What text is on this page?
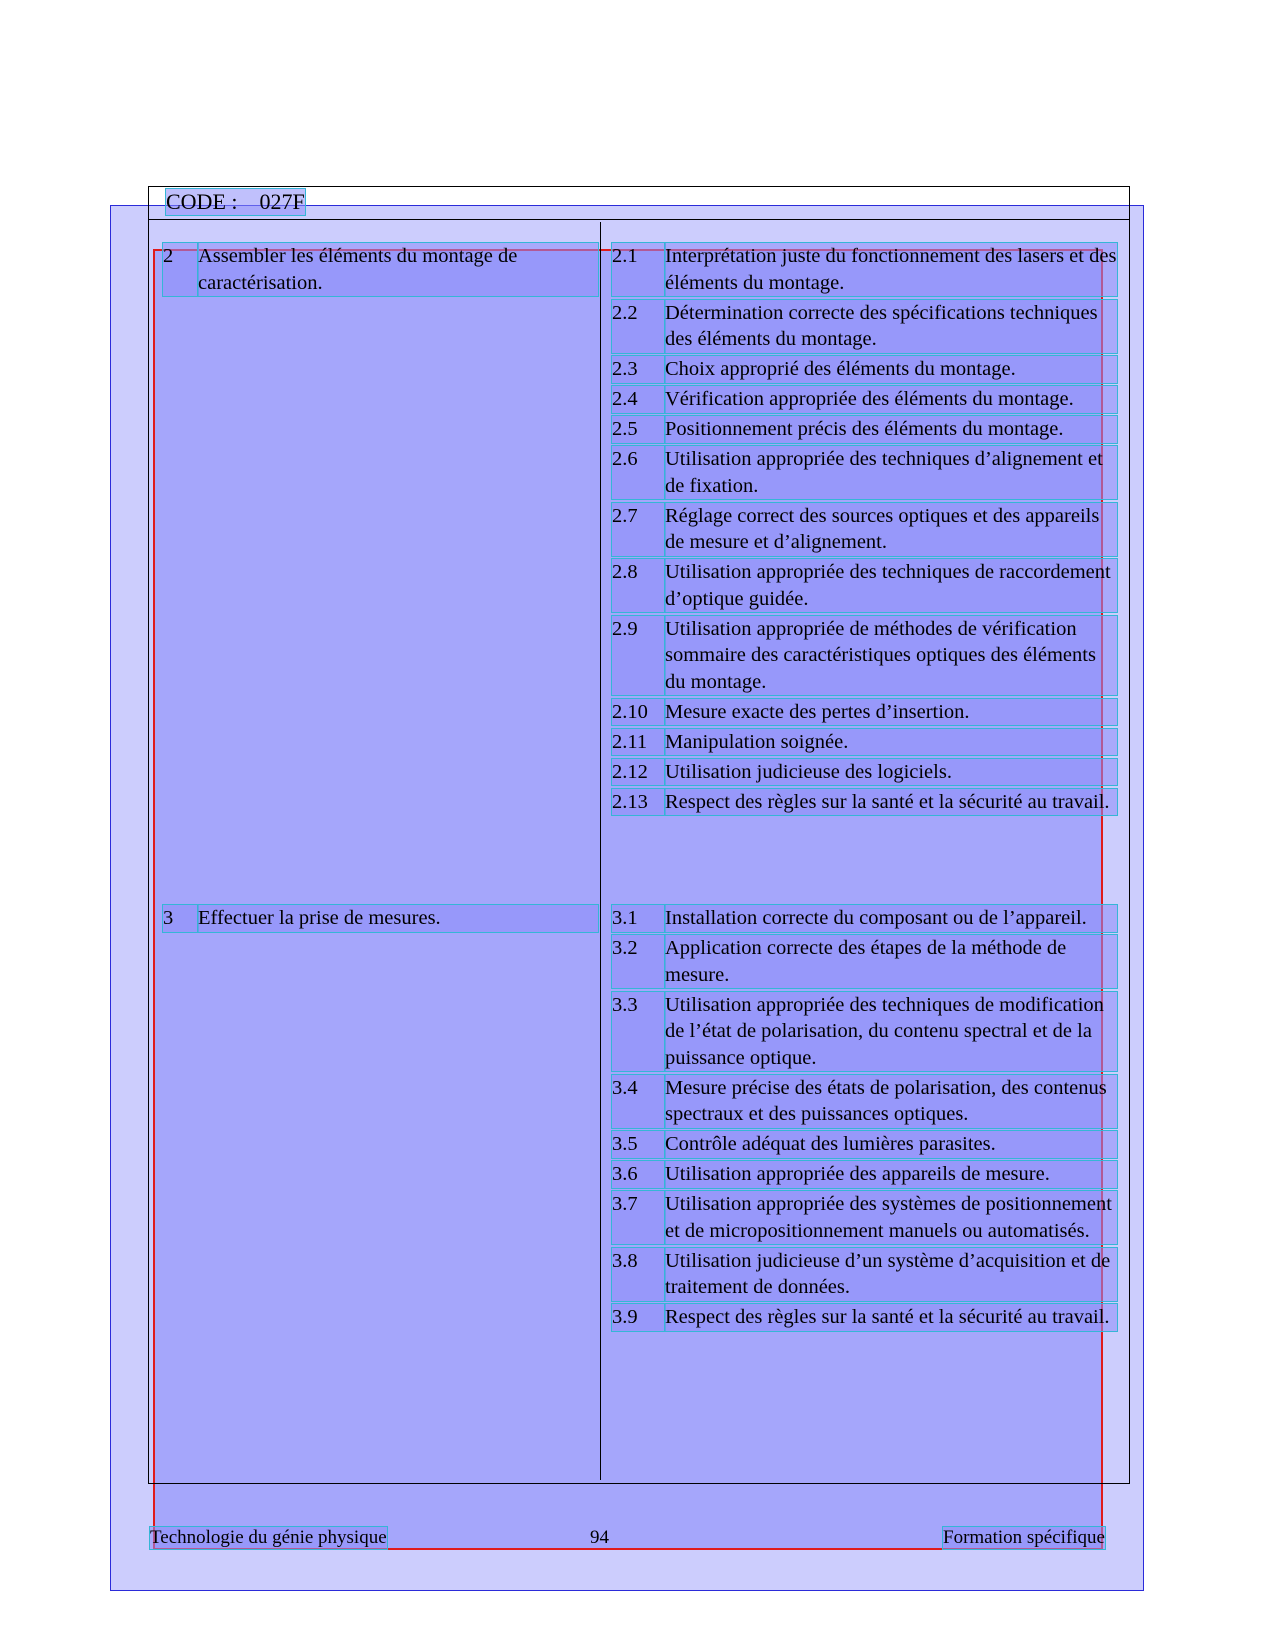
CODE : 027F
2	Assembler les éléments du montage de caractérisation.
3	Effectuer la prise de mesures.
2.1	Interprétation juste du fonctionnement des lasers et des éléments du montage.
2.2	Détermination correcte des spécifications techniques des éléments du montage.
2.3	Choix approprié des éléments du montage.
2.4	Vérification appropriée des éléments du montage.
2.5	Positionnement précis des éléments du montage.
2.6	Utilisation appropriée des techniques d’alignement et de fixation.
2.7	Réglage correct des sources optiques et des appareils de mesure et d’alignement.
2.8	Utilisation appropriée des techniques de raccordement d’optique guidée.
2.9	Utilisation appropriée de méthodes de vérification sommaire des caractéristiques optiques des éléments du montage.
2.10 Mesure exacte des pertes d’insertion.
2.11 Manipulation soignée.
2.12 Utilisation judicieuse des logiciels.
2.13 Respect des règles sur la santé et la sécurité au travail.
3.1	Installation correcte du composant ou de l’appareil.
3.2	Application correcte des étapes de la méthode de mesure.
3.3	Utilisation appropriée des techniques de modification de l’état de polarisation, du contenu spectral et de la puissance optique.
3.4	Mesure précise des états de polarisation, des contenus spectraux et des puissances optiques.
3.5	Contrôle adéquat des lumières parasites.
3.6	Utilisation appropriée des appareils de mesure.
3.7	Utilisation appropriée des systèmes de positionnement et de micropositionnement manuels ou automatisés.
3.8	Utilisation judicieuse d’un système d’acquisition et de traitement de données.
3.9	Respect des règles sur la santé et la sécurité au travail.
Technologie du génie physique	94	Formation spécifique
